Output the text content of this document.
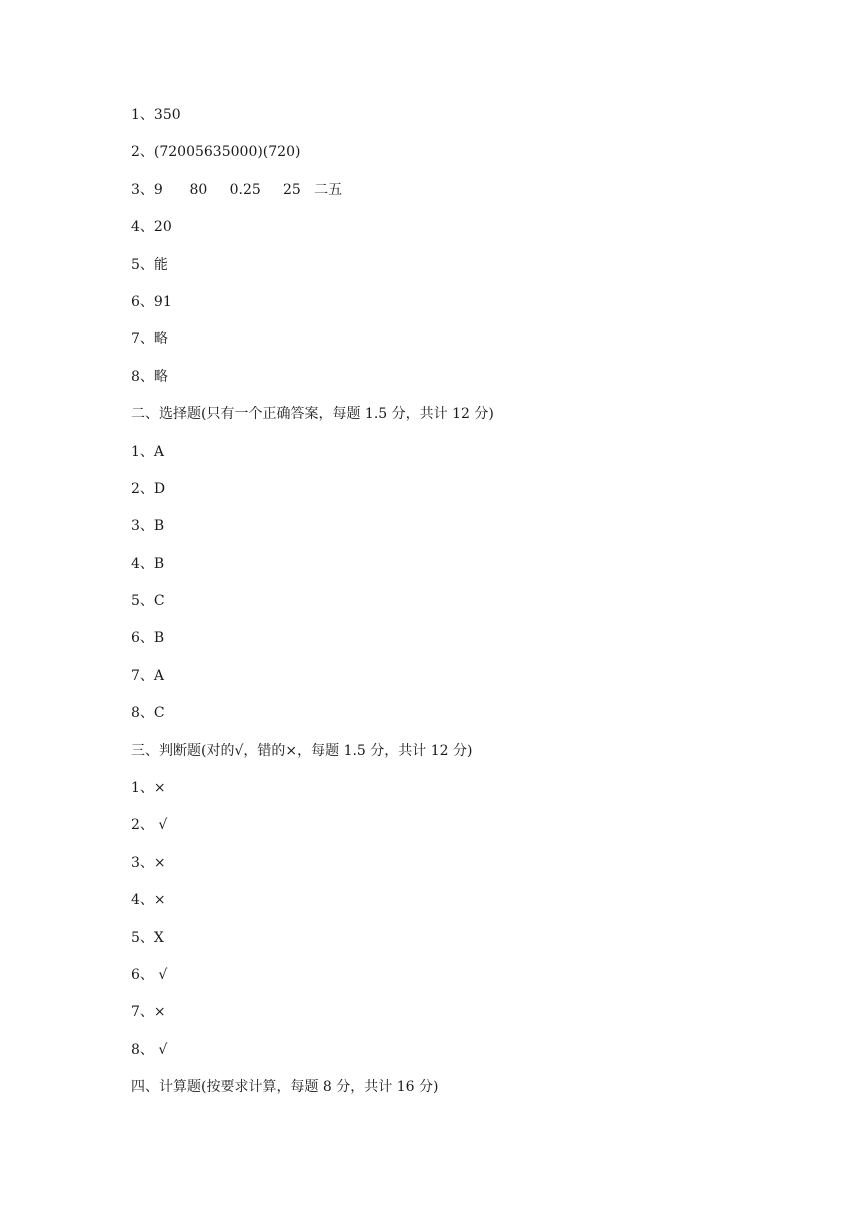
1、350
2、(72005635000)(720)
3、9      80     0.25     25   二五
4、20
5、能
6、91
7、略
8、略
二、选择题(只有一个正确答案，每题 1.5 分，共计 12 分)
1、A
2、D
3、B
4、B
5、C
6、B
7、A
8、C
三、判断题(对的√，错的×，每题 1.5 分，共计 12 分)
1、×
2、 √
3、×
4、×
5、X
6、 √
7、×
8、 √
四、计算题(按要求计算，每题 8 分，共计 16 分)
